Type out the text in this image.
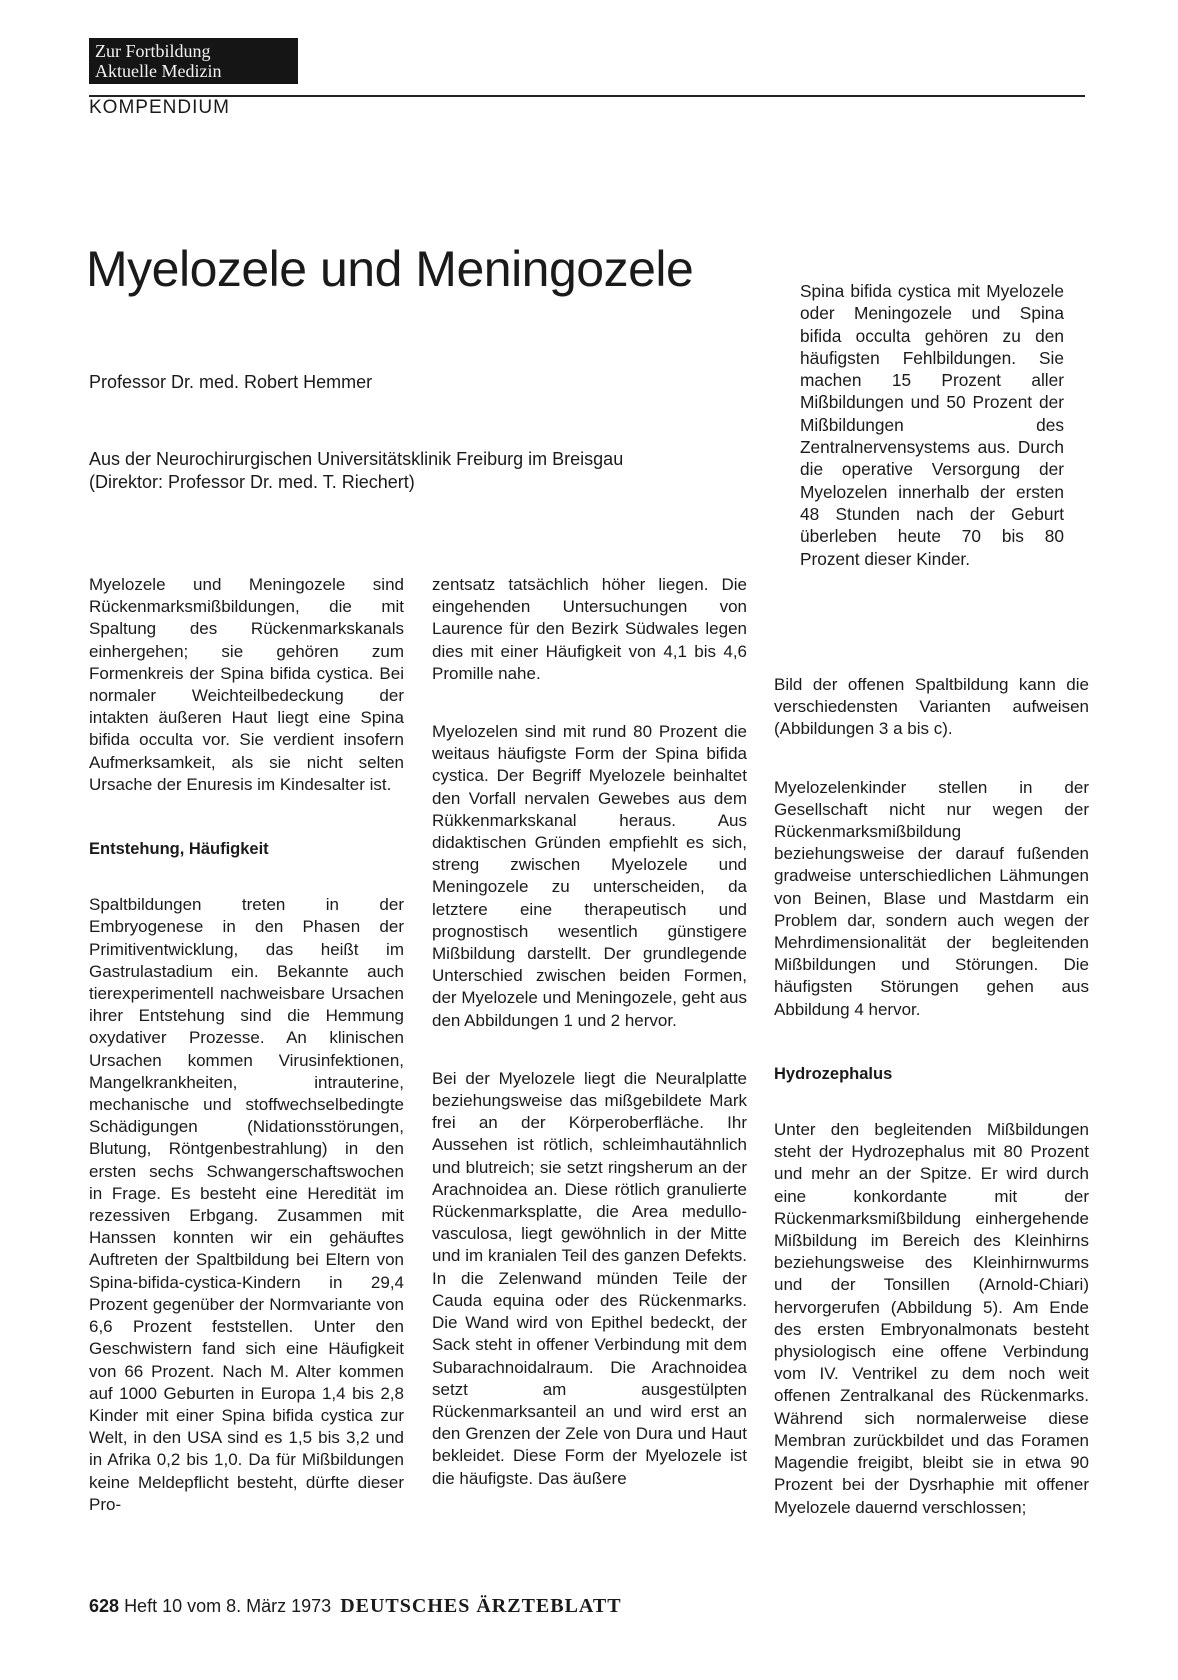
Zur Fortbildung
Aktuelle Medizin
KOMPENDIUM
Myelozele und Meningozele
Professor Dr. med. Robert Hemmer
Aus der Neurochirurgischen Universitätsklinik Freiburg im Breisgau
(Direktor: Professor Dr. med. T. Riechert)

Spina bifida cystica mit Myelozele oder Meningozele und Spina bifida occulta gehören zu den häufigsten Fehlbildungen. Sie machen 15 Prozent aller Mißbildungen und 50 Prozent der Mißbildungen des Zentralnervensystems aus. Durch die operative Versorgung der Myelozelen innerhalb der ersten 48 Stunden nach der Geburt überleben heute 70 bis 80 Prozent dieser Kinder.

Myelozele und Meningozele sind Rückenmarksmißbildungen, die mit Spaltung des Rückenmarkskanals einhergehen; sie gehören zum Formenkreis der Spina bifida cystica. Bei normaler Weichteilbedeckung der intakten äußeren Haut liegt eine Spina bifida occulta vor. Sie verdient insofern Aufmerksamkeit, als sie nicht selten Ursache der Enuresis im Kindesalter ist.

Entstehung, Häufigkeit

Spaltbildungen treten in der Embryogenese in den Phasen der Primitiventwicklung, das heißt im Gastrulastadium ein. Bekannte auch tierexperimentell nachweisbare Ursachen ihrer Entstehung sind die Hemmung oxydativer Prozesse. An klinischen Ursachen kommen Virusinfektionen, Mangelkrankheiten, intrauterine, mechanische und stoffwechselbedingte Schädigungen (Nidationsstörungen, Blutung, Röntgenbestrahlung) in den ersten sechs Schwangerschaftswochen in Frage. Es besteht eine Heredität im rezessiven Erbgang. Zusammen mit Hanssen konnten wir ein gehäuftes Auftreten der Spaltbildung bei Eltern von Spina-bifida-cystica-Kindern in 29,4 Prozent gegenüber der Normvariante von 6,6 Prozent feststellen. Unter den Geschwistern fand sich eine Häufigkeit von 66 Prozent. Nach M. Alter kommen auf 1000 Geburten in Europa 1,4 bis 2,8 Kinder mit einer Spina bifida cystica zur Welt, in den USA sind es 1,5 bis 3,2 und in Afrika 0,2 bis 1,0. Da für Mißbildungen keine Meldepflicht besteht, dürfte dieser Pro-

zentsatz tatsächlich höher liegen. Die eingehenden Untersuchungen von Laurence für den Bezirk Südwales legen dies mit einer Häufigkeit von 4,1 bis 4,6 Promille nahe.

Myelozelen sind mit rund 80 Prozent die weitaus häufigste Form der Spina bifida cystica. Der Begriff Myelozele beinhaltet den Vorfall nervalen Gewebes aus dem Rükkenmarkskanal heraus. Aus didaktischen Gründen empfiehlt es sich, streng zwischen Myelozele und Meningozele zu unterscheiden, da letztere eine therapeutisch und prognostisch wesentlich günstigere Mißbildung darstellt. Der grundlegende Unterschied zwischen beiden Formen, der Myelozele und Meningozele, geht aus den Abbildungen 1 und 2 hervor.

Bei der Myelozele liegt die Neuralplatte beziehungsweise das mißgebildete Mark frei an der Körperoberfläche. Ihr Aussehen ist rötlich, schleimhautähnlich und blutreich; sie setzt ringsherum an der Arachnoidea an. Diese rötlich granulierte Rückenmarksplatte, die Area medullo-vasculosa, liegt gewöhnlich in der Mitte und im kranialen Teil des ganzen Defekts. In die Zelenwand münden Teile der Cauda equina oder des Rückenmarks. Die Wand wird von Epithel bedeckt, der Sack steht in offener Verbindung mit dem Subarachnoidalraum. Die Arachnoidea setzt am ausgestülpten Rückenmarksanteil an und wird erst an den Grenzen der Zele von Dura und Haut bekleidet. Diese Form der Myelozele ist die häufigste. Das äußere

Bild der offenen Spaltbildung kann die verschiedensten Varianten aufweisen (Abbildungen 3 a bis c).

Myelozelenkinder stellen in der Gesellschaft nicht nur wegen der Rückenmarksmißbildung beziehungsweise der darauf fußenden gradweise unterschiedlichen Lähmungen von Beinen, Blase und Mastdarm ein Problem dar, sondern auch wegen der Mehrdimensionalität der begleitenden Mißbildungen und Störungen. Die häufigsten Störungen gehen aus Abbildung 4 hervor.

Hydrozephalus

Unter den begleitenden Mißbildungen steht der Hydrozephalus mit 80 Prozent und mehr an der Spitze. Er wird durch eine konkordante mit der Rückenmarksmißbildung einhergehende Mißbildung im Bereich des Kleinhirns beziehungsweise des Kleinhirnwurms und der Tonsillen (Arnold-Chiari) hervorgerufen (Abbildung 5). Am Ende des ersten Embryonalmonats besteht physiologisch eine offene Verbindung vom IV. Ventrikel zu dem noch weit offenen Zentralkanal des Rückenmarks. Während sich normalerweise diese Membran zurückbildet und das Foramen Magendie freigibt, bleibt sie in etwa 90 Prozent bei der Dysrhaphie mit offener Myelozele dauernd verschlossen;

628 Heft 10 vom 8. März 1973 DEUTSCHES ÄRZTEBLATT
